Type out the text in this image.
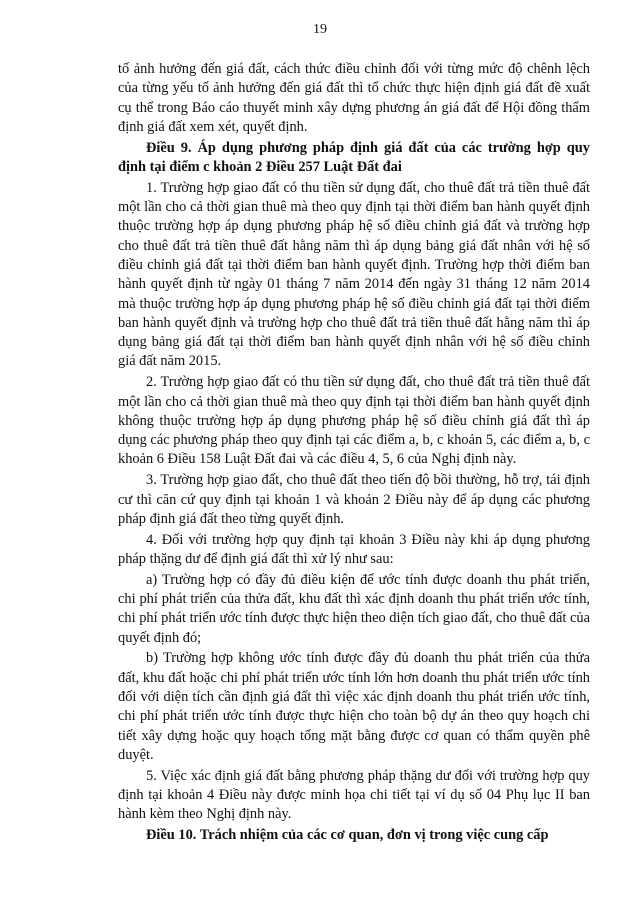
19

tố ảnh hưởng đến giá đất, cách thức điều chỉnh đối với từng mức độ chênh lệch của từng yếu tố ảnh hưởng đến giá đất thì tổ chức thực hiện định giá đất đề xuất cụ thể trong Báo cáo thuyết minh xây dựng phương án giá đất để Hội đồng thẩm định giá đất xem xét, quyết định.

Điều 9. Áp dụng phương pháp định giá đất của các trường hợp quy định tại điểm c khoản 2 Điều 257 Luật Đất đai

1. Trường hợp giao đất có thu tiền sử dụng đất, cho thuê đất trả tiền thuê đất một lần cho cả thời gian thuê mà theo quy định tại thời điểm ban hành quyết định thuộc trường hợp áp dụng phương pháp hệ số điều chỉnh giá đất và trường hợp cho thuê đất trả tiền thuê đất hằng năm thì áp dụng bảng giá đất nhân với hệ số điều chỉnh giá đất tại thời điểm ban hành quyết định. Trường hợp thời điểm ban hành quyết định từ ngày 01 tháng 7 năm 2014 đến ngày 31 tháng 12 năm 2014 mà thuộc trường hợp áp dụng phương pháp hệ số điều chỉnh giá đất tại thời điểm ban hành quyết định và trường hợp cho thuê đất trả tiền thuê đất hằng năm thì áp dụng bảng giá đất tại thời điểm ban hành quyết định nhân với hệ số điều chỉnh giá đất năm 2015.

2. Trường hợp giao đất có thu tiền sử dụng đất, cho thuê đất trả tiền thuê đất một lần cho cả thời gian thuê mà theo quy định tại thời điểm ban hành quyết định không thuộc trường hợp áp dụng phương pháp hệ số điều chỉnh giá đất thì áp dụng các phương pháp theo quy định tại các điểm a, b, c khoản 5, các điểm a, b, c khoản 6 Điều 158 Luật Đất đai và các điều 4, 5, 6 của Nghị định này.

3. Trường hợp giao đất, cho thuê đất theo tiến độ bồi thường, hỗ trợ, tái định cư thì căn cứ quy định tại khoản 1 và khoản 2 Điều này để áp dụng các phương pháp định giá đất theo từng quyết định.

4. Đối với trường hợp quy định tại khoản 3 Điều này khi áp dụng phương pháp thặng dư để định giá đất thì xử lý như sau:

a) Trường hợp có đầy đủ điều kiện để ước tính được doanh thu phát triển, chi phí phát triển của thửa đất, khu đất thì xác định doanh thu phát triển ước tính, chi phí phát triển ước tính được thực hiện theo diện tích giao đất, cho thuê đất của quyết định đó;

b) Trường hợp không ước tính được đầy đủ doanh thu phát triển của thửa đất, khu đất hoặc chi phí phát triển ước tính lớn hơn doanh thu phát triển ước tính đối với diện tích cần định giá đất thì việc xác định doanh thu phát triển ước tính, chi phí phát triển ước tính được thực hiện cho toàn bộ dự án theo quy hoạch chi tiết xây dựng hoặc quy hoạch tổng mặt bằng được cơ quan có thẩm quyền phê duyệt.

5. Việc xác định giá đất bằng phương pháp thặng dư đối với trường hợp quy định tại khoản 4 Điều này được minh họa chi tiết tại ví dụ số 04 Phụ lục II ban hành kèm theo Nghị định này.

Điều 10. Trách nhiệm của các cơ quan, đơn vị trong việc cung cấp
